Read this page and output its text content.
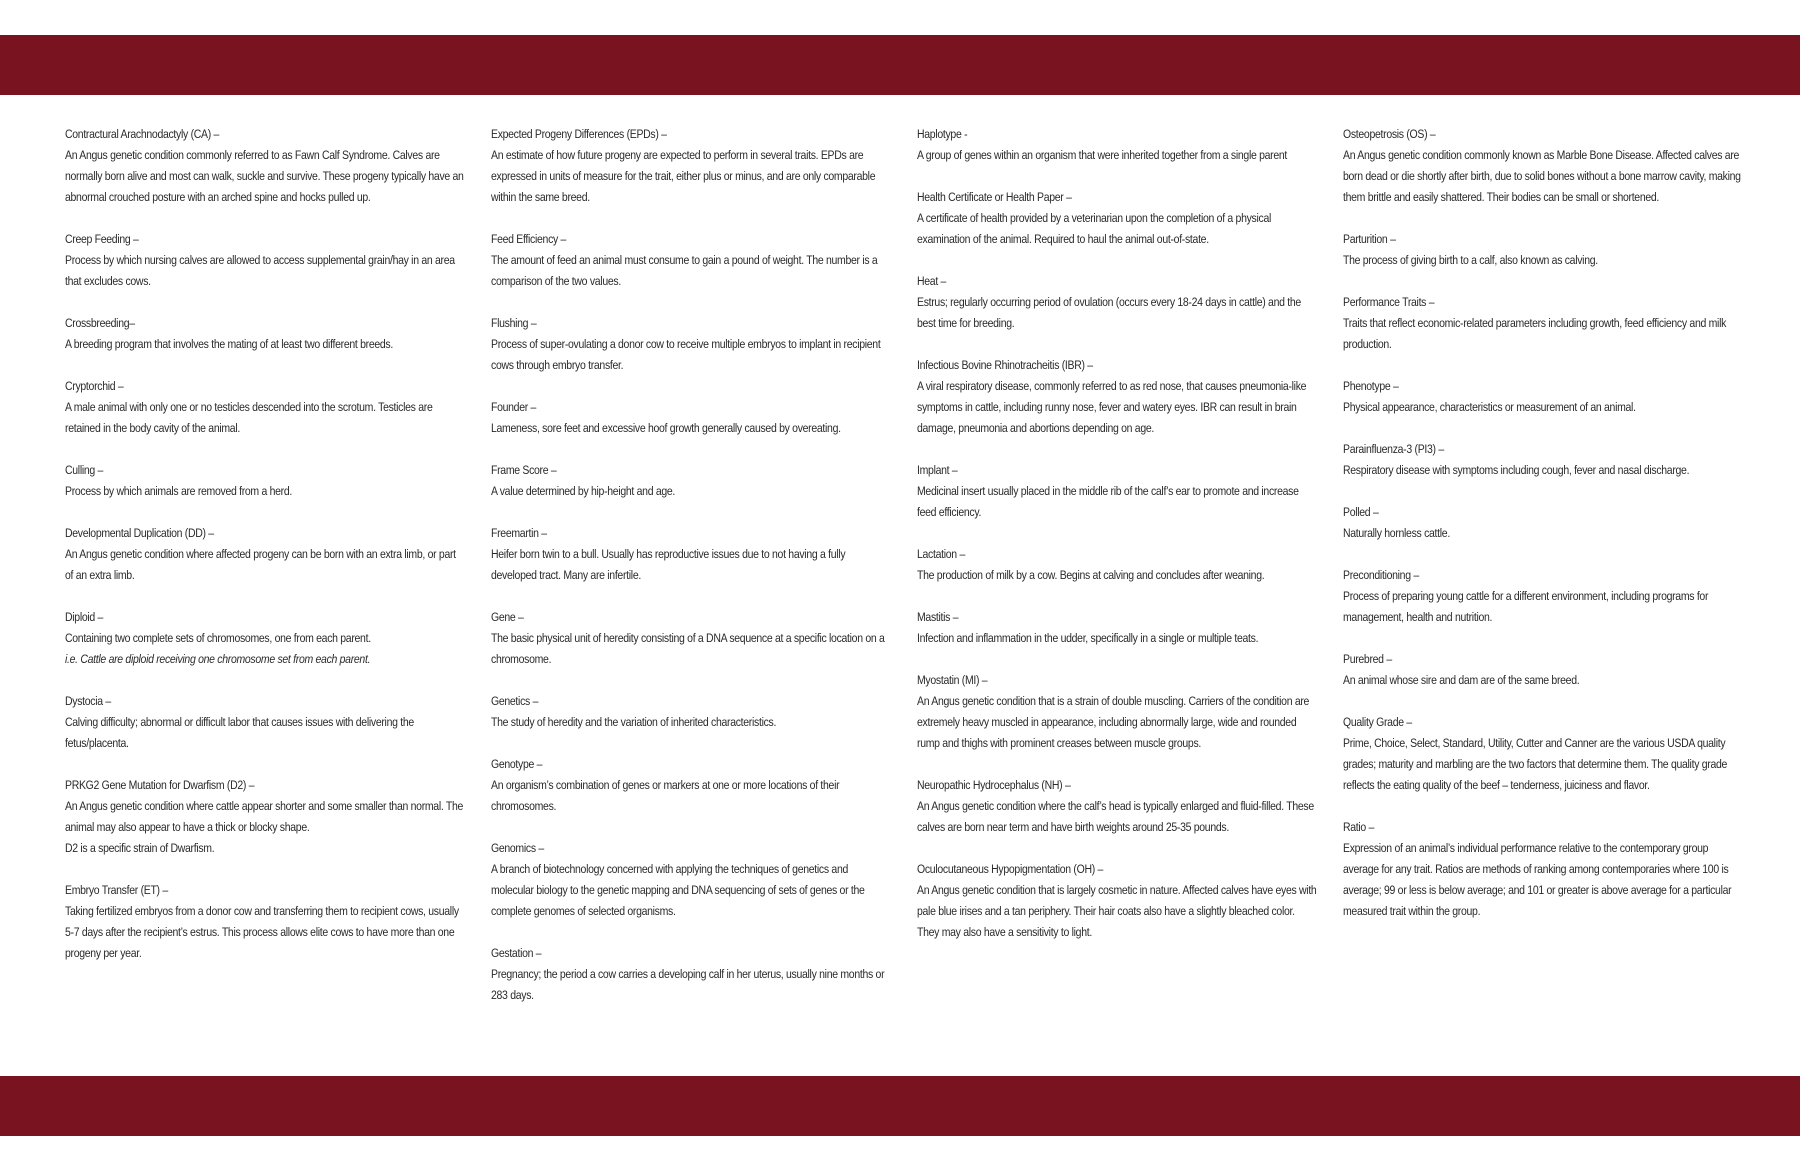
Contractural Arachnodactyly (CA) –
An Angus genetic condition commonly referred to as Fawn Calf Syndrome. Calves are normally born alive and most can walk, suckle and survive. These progeny typically have an abnormal crouched posture with an arched spine and hocks pulled up.
Creep Feeding –
Process by which nursing calves are allowed to access supplemental grain/hay in an area that excludes cows.
Crossbreeding–
A breeding program that involves the mating of at least two different breeds.
Cryptorchid –
A male animal with only one or no testicles descended into the scrotum. Testicles are retained in the body cavity of the animal.
Culling –
Process by which animals are removed from a herd.
Developmental Duplication (DD) –
An Angus genetic condition where affected progeny can be born with an extra limb, or part of an extra limb.
Diploid –
Containing two complete sets of chromosomes, one from each parent.
i.e. Cattle are diploid receiving one chromosome set from each parent.
Dystocia –
Calving difficulty; abnormal or difficult labor that causes issues with delivering the fetus/placenta.
PRKG2 Gene Mutation for Dwarfism (D2) –
An Angus genetic condition where cattle appear shorter and some smaller than normal. The animal may also appear to have a thick or blocky shape.
D2 is a specific strain of Dwarfism.
Embryo Transfer (ET) –
Taking fertilized embryos from a donor cow and transferring them to recipient cows, usually 5-7 days after the recipient’s estrus. This process allows elite cows to have more than one progeny per year.
Expected Progeny Differences (EPDs) –
An estimate of how future progeny are expected to perform in several traits. EPDs are expressed in units of measure for the trait, either plus or minus, and are only comparable within the same breed.
Feed Efficiency –
The amount of feed an animal must consume to gain a pound of weight. The number is a comparison of the two values.
Flushing –
Process of super-ovulating a donor cow to receive multiple embryos to implant in recipient cows through embryo transfer.
Founder –
Lameness, sore feet and excessive hoof growth generally caused by overeating.
Frame Score –
A value determined by hip-height and age.
Freemartin –
Heifer born twin to a bull. Usually has reproductive issues due to not having a fully developed tract. Many are infertile.
Gene –
The basic physical unit of heredity consisting of a DNA sequence at a specific location on a chromosome.
Genetics –
The study of heredity and the variation of inherited characteristics.
Genotype –
An organism’s combination of genes or markers at one or more locations of their chromosomes.
Genomics –
A branch of biotechnology concerned with applying the techniques of genetics and molecular biology to the genetic mapping and DNA sequencing of sets of genes or the complete genomes of selected organisms.
Gestation –
Pregnancy; the period a cow carries a developing calf in her uterus, usually nine months or 283 days.
Haplotype -
A group of genes within an organism that were inherited together from a single parent
Health Certificate or Health Paper –
A certificate of health provided by a veterinarian upon the completion of a physical examination of the animal. Required to haul the animal out-of-state.
Heat –
Estrus; regularly occurring period of ovulation (occurs every 18-24 days in cattle) and the best time for breeding.
Infectious Bovine Rhinotracheitis (IBR) –
A viral respiratory disease, commonly referred to as red nose, that causes pneumonia-like symptoms in cattle, including runny nose, fever and watery eyes. IBR can result in brain damage, pneumonia and abortions depending on age.
Implant –
Medicinal insert usually placed in the middle rib of the calf’s ear to promote and increase feed efficiency.
Lactation –
The production of milk by a cow. Begins at calving and concludes after weaning.
Mastitis –
Infection and inflammation in the udder, specifically in a single or multiple teats.
Myostatin (MI) –
An Angus genetic condition that is a strain of double muscling. Carriers of the condition are extremely heavy muscled in appearance, including abnormally large, wide and rounded rump and thighs with prominent creases between muscle groups.
Neuropathic Hydrocephalus (NH) –
An Angus genetic condition where the calf’s head is typically enlarged and fluid-filled. These calves are born near term and have birth weights around 25-35 pounds.
Oculocutaneous Hypopigmentation (OH) –
An Angus genetic condition that is largely cosmetic in nature. Affected calves have eyes with pale blue irises and a tan periphery. Their hair coats also have a slightly bleached color. They may also have a sensitivity to light.
Osteopetrosis (OS) –
An Angus genetic condition commonly known as Marble Bone Disease. Affected calves are born dead or die shortly after birth, due to solid bones without a bone marrow cavity, making them brittle and easily shattered. Their bodies can be small or shortened.
Parturition –
The process of giving birth to a calf, also known as calving.
Performance Traits –
Traits that reflect economic-related parameters including growth, feed efficiency and milk production.
Phenotype –
Physical appearance, characteristics or measurement of an animal.
Parainfluenza-3 (PI3) –
Respiratory disease with symptoms including cough, fever and nasal discharge.
Polled –
Naturally hornless cattle.
Preconditioning –
Process of preparing young cattle for a different environment, including programs for management, health and nutrition.
Purebred –
An animal whose sire and dam are of the same breed.
Quality Grade –
Prime, Choice, Select, Standard, Utility, Cutter and Canner are the various USDA quality grades; maturity and marbling are the two factors that determine them. The quality grade reflects the eating quality of the beef – tenderness, juiciness and flavor.
Ratio –
Expression of an animal’s individual performance relative to the contemporary group average for any trait. Ratios are methods of ranking among contemporaries where 100 is average; 99 or less is below average; and 101 or greater is above average for a particular measured trait within the group.
